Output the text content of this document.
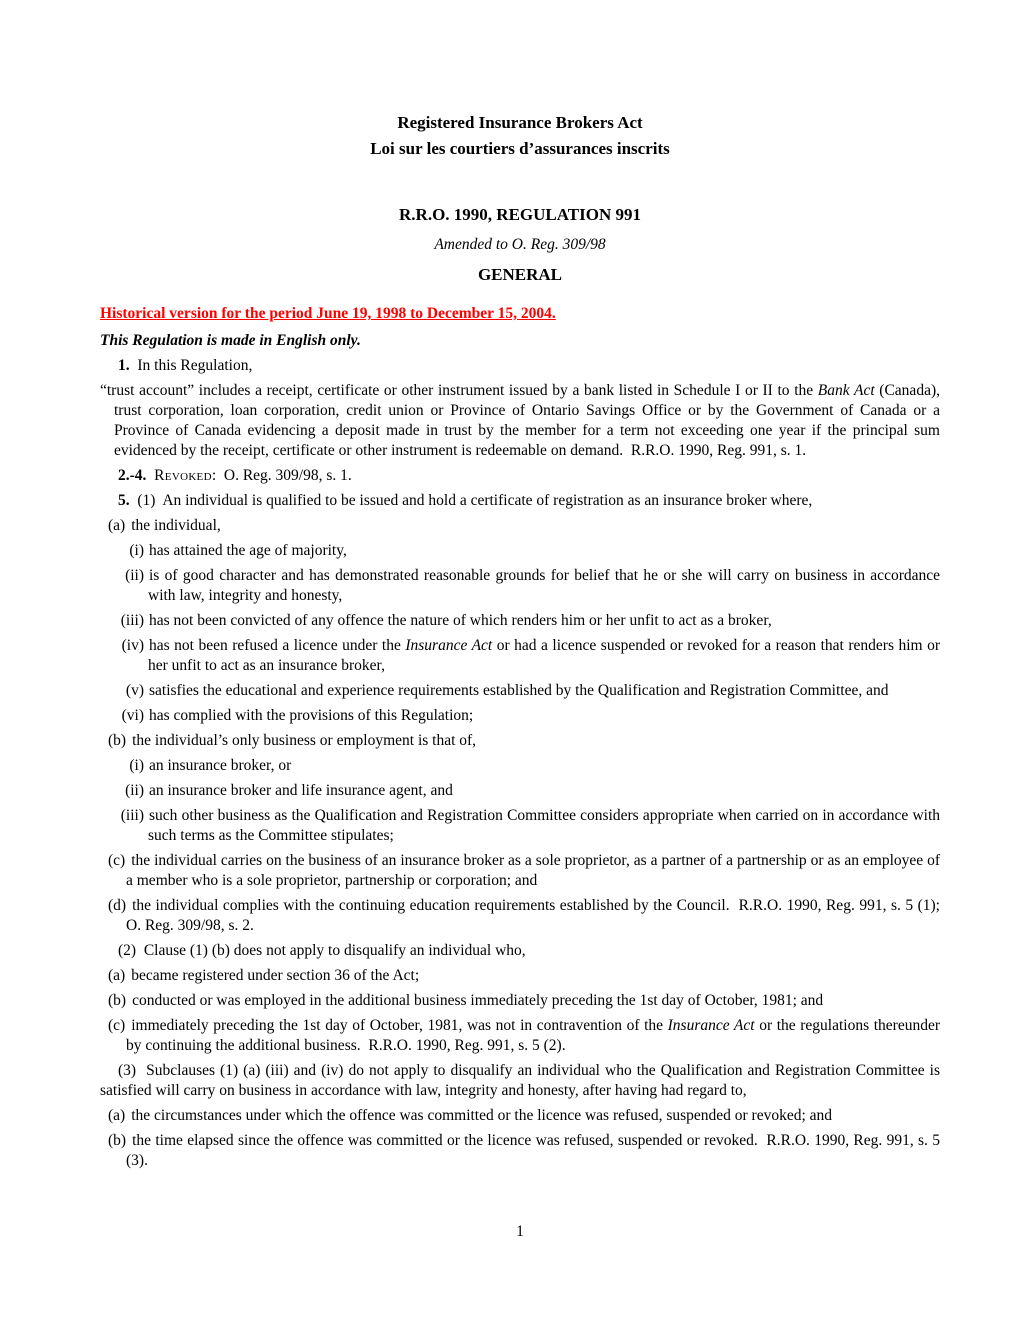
Registered Insurance Brokers Act
Loi sur les courtiers d’assurances inscrits
R.R.O. 1990, REGULATION 991
Amended to O. Reg. 309/98
GENERAL
Historical version for the period June 19, 1998 to December 15, 2004.
This Regulation is made in English only.
1.  In this Regulation,
“trust account” includes a receipt, certificate or other instrument issued by a bank listed in Schedule I or II to the Bank Act (Canada), trust corporation, loan corporation, credit union or Province of Ontario Savings Office or by the Government of Canada or a Province of Canada evidencing a deposit made in trust by the member for a term not exceeding one year if the principal sum evidenced by the receipt, certificate or other instrument is redeemable on demand.  R.R.O. 1990, Reg. 991, s. 1.
2.-4.  Revoked:  O. Reg. 309/98, s. 1.
5.  (1)  An individual is qualified to be issued and hold a certificate of registration as an insurance broker where,
(a) the individual,
(i) has attained the age of majority,
(ii) is of good character and has demonstrated reasonable grounds for belief that he or she will carry on business in accordance with law, integrity and honesty,
(iii) has not been convicted of any offence the nature of which renders him or her unfit to act as a broker,
(iv) has not been refused a licence under the Insurance Act or had a licence suspended or revoked for a reason that renders him or her unfit to act as an insurance broker,
(v) satisfies the educational and experience requirements established by the Qualification and Registration Committee, and
(vi) has complied with the provisions of this Regulation;
(b) the individual’s only business or employment is that of,
(i) an insurance broker, or
(ii) an insurance broker and life insurance agent, and
(iii) such other business as the Qualification and Registration Committee considers appropriate when carried on in accordance with such terms as the Committee stipulates;
(c) the individual carries on the business of an insurance broker as a sole proprietor, as a partner of a partnership or as an employee of a member who is a sole proprietor, partnership or corporation; and
(d) the individual complies with the continuing education requirements established by the Council.  R.R.O. 1990, Reg. 991, s. 5 (1); O. Reg. 309/98, s. 2.
(2)  Clause (1) (b) does not apply to disqualify an individual who,
(a) became registered under section 36 of the Act;
(b) conducted or was employed in the additional business immediately preceding the 1st day of October, 1981; and
(c) immediately preceding the 1st day of October, 1981, was not in contravention of the Insurance Act or the regulations thereunder by continuing the additional business.  R.R.O. 1990, Reg. 991, s. 5 (2).
(3)  Subclauses (1) (a) (iii) and (iv) do not apply to disqualify an individual who the Qualification and Registration Committee is satisfied will carry on business in accordance with law, integrity and honesty, after having had regard to,
(a) the circumstances under which the offence was committed or the licence was refused, suspended or revoked; and
(b) the time elapsed since the offence was committed or the licence was refused, suspended or revoked.  R.R.O. 1990, Reg. 991, s. 5 (3).
1
